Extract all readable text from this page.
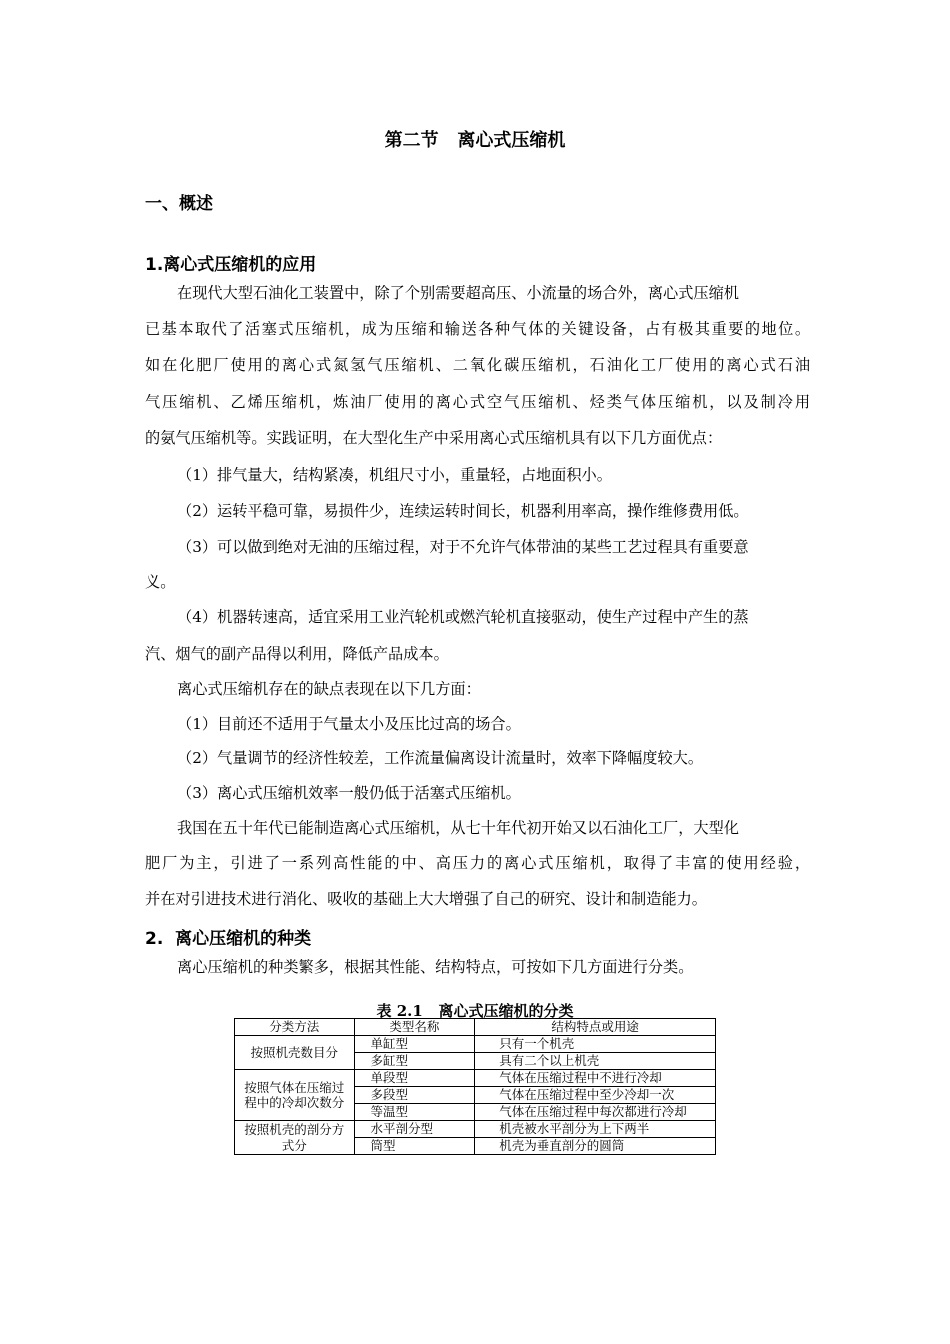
第二节   离心式压缩机
一、概述
1.离心式压缩机的应用
在现代大型石油化工装置中，除了个别需要超高压、小流量的场合外，离心式压缩机
已基本取代了活塞式压缩机，成为压缩和输送各种气体的关键设备，占有极其重要的地位。
如在化肥厂使用的离心式氮氢气压缩机、二氧化碳压缩机，石油化工厂使用的离心式石油
气压缩机、乙烯压缩机，炼油厂使用的离心式空气压缩机、烃类气体压缩机，以及制冷用
的氨气压缩机等。实践证明，在大型化生产中采用离心式压缩机具有以下几方面优点：
（1）排气量大，结构紧凑，机组尺寸小，重量轻，占地面积小。
（2）运转平稳可靠，易损件少，连续运转时间长，机器利用率高，操作维修费用低。
（3）可以做到绝对无油的压缩过程，对于不允许气体带油的某些工艺过程具有重要意
义。
（4）机器转速高，适宜采用工业汽轮机或燃汽轮机直接驱动，使生产过程中产生的蒸
汽、烟气的副产品得以利用，降低产品成本。
离心式压缩机存在的缺点表现在以下几方面：
（1）目前还不适用于气量太小及压比过高的场合。
（2）气量调节的经济性较差，工作流量偏离设计流量时，效率下降幅度较大。
（3）离心式压缩机效率一般仍低于活塞式压缩机。
我国在五十年代已能制造离心式压缩机，从七十年代初开始又以石油化工厂，大型化
肥厂为主，引进了一系列高性能的中、高压力的离心式压缩机，取得了丰富的使用经验，
并在对引进技术进行消化、吸收的基础上大大增强了自己的研究、设计和制造能力。
2.  离心压缩机的种类
离心压缩机的种类繁多，根据其性能、结构特点，可按如下几方面进行分类。
表 2.1   离心式压缩机的分类
分类方法	类型名称	结构特点或用途
按照机壳数目分	单缸型	只有一个机壳
	多缸型	具有二个以上机壳
按照气体在压缩过程中的冷却次数分	单段型	气体在压缩过程中不进行冷却
	多段型	气体在压缩过程中至少冷却一次
	等温型	气体在压缩过程中每次都进行冷却
按照机壳的剖分方式分	水平剖分型	机壳被水平剖分为上下两半
	筒型	机壳为垂直剖分的圆筒
